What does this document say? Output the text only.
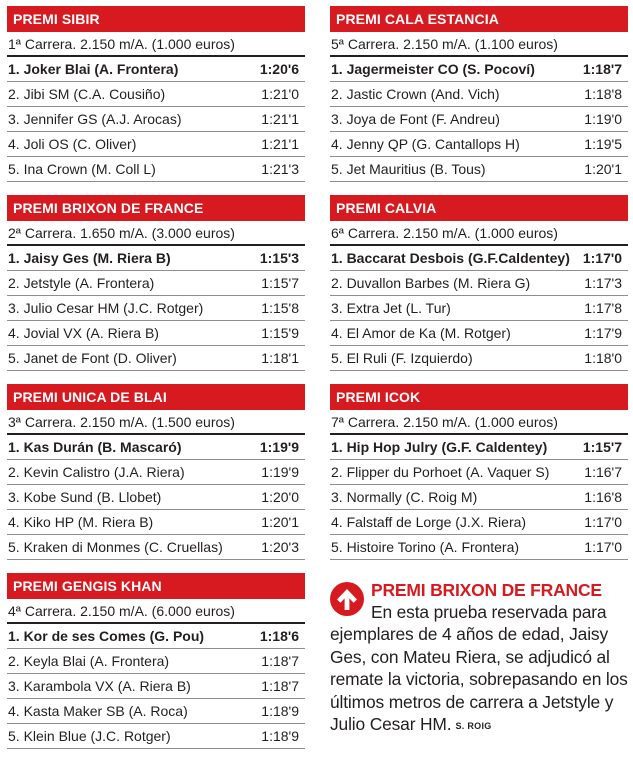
PREMI SIBIR
1ª Carrera. 2.150 m/A. (1.000 euros)
1. Joker Blai (A. Frontera)	1:20'6
2. Jibi SM (C.A. Cousiño)	1:21'0
3. Jennifer GS (A.J. Arocas)	1:21'1
4. Joli OS (C. Oliver)	1:21'1
5. Ina Crown (M. Coll L)	1:21'3
PREMI BRIXON DE FRANCE
2ª Carrera. 1.650 m/A. (3.000 euros)
1. Jaisy Ges (M. Riera B)	1:15'3
2. Jetstyle (A. Frontera)	1:15'7
3. Julio Cesar HM (J.C. Rotger)	1:15'8
4. Jovial VX (A. Riera B)	1:15'9
5. Janet de Font (D. Oliver)	1:18'1
PREMI UNICA DE BLAI
3ª Carrera. 2.150 m/A. (1.500 euros)
1. Kas Durán (B. Mascaró)	1:19'9
2. Kevin Calistro (J.A. Riera)	1:19'9
3. Kobe Sund (B. Llobet)	1:20'0
4. Kiko HP (M. Riera B)	1:20'1
5. Kraken di Monmes (C. Cruellas)	1:20'3
PREMI GENGIS KHAN
4ª Carrera. 2.150 m/A. (6.000 euros)
1. Kor de ses Comes (G. Pou)	1:18'6
2. Keyla Blai (A. Frontera)	1:18'7
3. Karambola VX (A. Riera B)	1:18'7
4. Kasta Maker SB (A. Roca)	1:18'9
5. Klein Blue (J.C. Rotger)	1:18'9
PREMI CALA ESTANCIA
5ª Carrera. 2.150 m/A. (1.100 euros)
1. Jagermeister CO (S. Pocoví)	1:18'7
2. Jastic Crown (And. Vich)	1:18'8
3. Joya de Font (F. Andreu)	1:19'0
4. Jenny QP (G. Cantallops H)	1:19'5
5. Jet Mauritius (B. Tous)	1:20'1
PREMI CALVIA
6ª Carrera. 2.150 m/A. (1.000 euros)
1. Baccarat Desbois (G.F.Caldentey) 1:17'0
2. Duvallon Barbes (M. Riera G)	1:17'3
3. Extra Jet (L. Tur)	1:17'8
4. El Amor de Ka (M. Rotger)	1:17'9
5. El Ruli (F. Izquierdo)	1:18'0
PREMI ICOK
7ª Carrera. 2.150 m/A. (1.000 euros)
1. Hip Hop Julry (G.F. Caldentey)	1:15'7
2. Flipper du Porhoet (A. Vaquer S) 1:16'7
3. Normally (C. Roig M)	1:16'8
4. Falstaff de Lorge (J.X. Riera)	1:17'0
5. Histoire Torino (A. Frontera)	1:17'0
En esta prueba reservada para ejemplares de 4 años de edad, Jaisy Ges, con Mateu Riera, se adjudicó al remate la victoria, sobrepasando en los últimos metros de carrera a Jetstyle y Julio Cesar HM. S. ROIG
PREMI BRIXON DE FRANCE
